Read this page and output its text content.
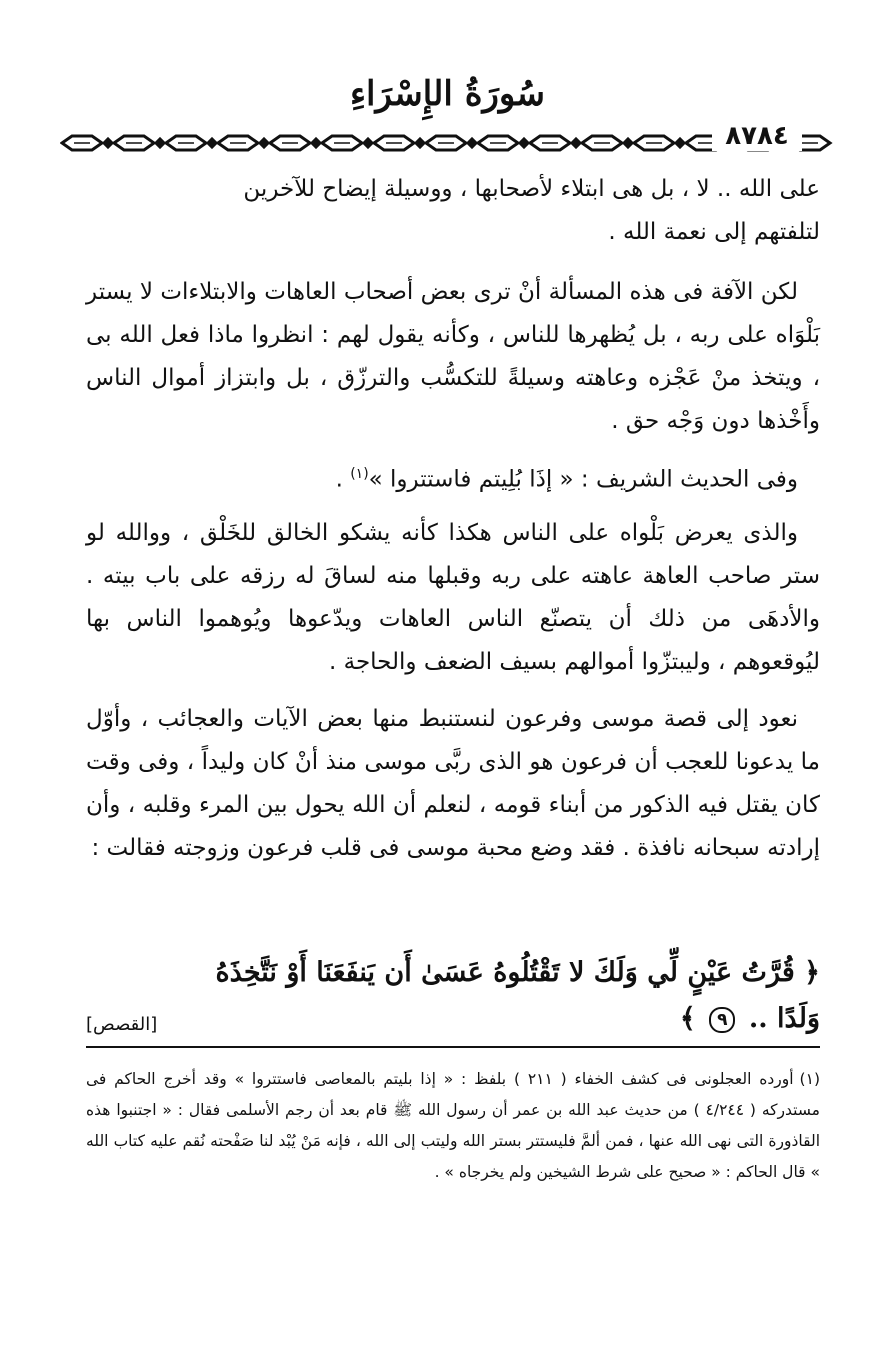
سُورَةُ الإِسْرَاءِ
٨٧٨٤

على الله .. لا ، بل هى ابتلاء لأصحابها ، ووسيلة إيضاح للآخرين
لتلفتهم إلى نعمة الله .

لكن الآفة فى هذه المسألة أنْ ترى بعض أصحاب العاهات والابتلاءات لا يستر بَلْوَاه على ربه ، بل يُظهرها للناس ، وكأنه يقول لهم : انظروا ماذا فعل الله بى ، ويتخذ منْ عَجْزه وعاهته وسيلةً للتكسُّب والترزّق ، بل وابتزاز أموال الناس وأَخْذها دون وَجْه حق .

وفى الحديث الشريف : « إذَا بُلِيتم فاستتروا »$^{(١)}$ .

والذى يعرض بَلْواه على الناس هكذا كأنه يشكو الخالق للخَلْق ، ووالله لو ستر صاحب العاهة عاهته على ربه وقبلها منه لساقَ له رزقه على باب بيته . والأدهَى من ذلك أن يتصنّع الناس العاهات ويدّعوها ويُوهموا الناس بها ليُوقعوهم ، وليبتزّوا أموالهم بسيف الضعف والحاجة .

نعود إلى قصة موسى وفرعون لنستنبط منها بعض الآيات والعجائب ، وأوّل ما يدعونا للعجب أن فرعون هو الذى ربَّى موسى منذ أنْ كان وليداً ، وفى وقت كان يقتل فيه الذكور من أبناء قومه ، لنعلم أن الله يحول بين المرء وقلبه ، وأن إرادته سبحانه نافذة . فقد وضع محبة موسى فى قلب فرعون وزوجته فقالت :

﴿ قُرَّتُ عَيْنٍ لِّي وَلَكَ لا تَقْتُلُوهُ عَسَىٰ أَن يَنفَعَنَا أَوْ نَتَّخِذَهُ
وَلَدًا .. ٩ ﴾
[القصص]

(١)أورده العجلونى فى كشف الخفاء ( ٢١١ ) بلفظ : « إذا بليتم بالمعاصى فاستتروا » وقد أخرج الحاكم فى مستدركه ( ٤/٢٤٤ ) من حديث عبد الله بن عمر أن رسول الله ﷺ قام بعد أن رجم الأسلمى فقال : « اجتنبوا هذه القاذورة التى نهى الله عنها ، فمن ألمَّ فليستتر بستر الله وليتب إلى الله ، فإنه مَنْ يُبْد لنا صَفْحته نُقم عليه كتاب الله » قال الحاكم : « صحيح على شرط الشيخين ولم يخرجاه » .
